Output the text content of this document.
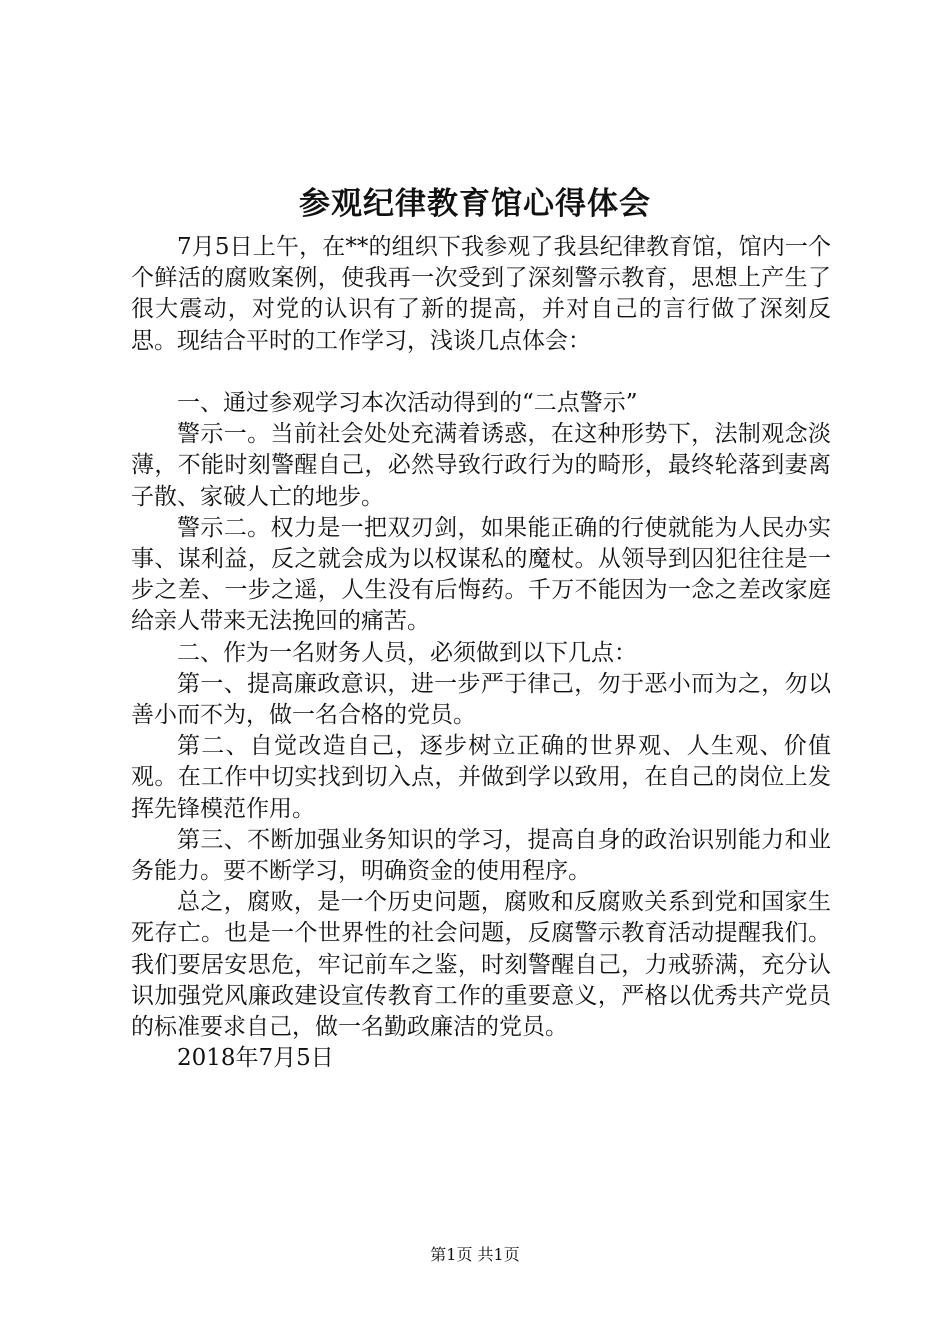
参观纪律教育馆心得体会

7月5日上午，在**的组织下我参观了我县纪律教育馆，馆内一个个鲜活的腐败案例，使我再一次受到了深刻警示教育，思想上产生了很大震动，对党的认识有了新的提高，并对自己的言行做了深刻反思。现结合平时的工作学习，浅谈几点体会：

一、通过参观学习本次活动得到的“二点警示”

警示一。当前社会处处充满着诱惑，在这种形势下，法制观念淡薄，不能时刻警醒自己，必然导致行政行为的畸形，最终轮落到妻离子散、家破人亡的地步。

警示二。权力是一把双刃剑，如果能正确的行使就能为人民办实事、谋利益，反之就会成为以权谋私的魔杖。从领导到囚犯往往是一步之差、一步之遥，人生没有后悔药。千万不能因为一念之差改家庭给亲人带来无法挽回的痛苦。

二、作为一名财务人员，必须做到以下几点：

第一、提高廉政意识，进一步严于律己，勿于恶小而为之，勿以善小而不为，做一名合格的党员。

第二、自觉改造自己，逐步树立正确的世界观、人生观、价值观。在工作中切实找到切入点，并做到学以致用，在自己的岗位上发挥先锋模范作用。

第三、不断加强业务知识的学习，提高自身的政治识别能力和业务能力。要不断学习，明确资金的使用程序。

总之，腐败，是一个历史问题，腐败和反腐败关系到党和国家生死存亡。也是一个世界性的社会问题，反腐警示教育活动提醒我们。我们要居安思危，牢记前车之鉴，时刻警醒自己，力戒骄满，充分认识加强党风廉政建设宣传教育工作的重要意义，严格以优秀共产党员的标准要求自己，做一名勤政廉洁的党员。

2018年7月5日

第1页 共1页
